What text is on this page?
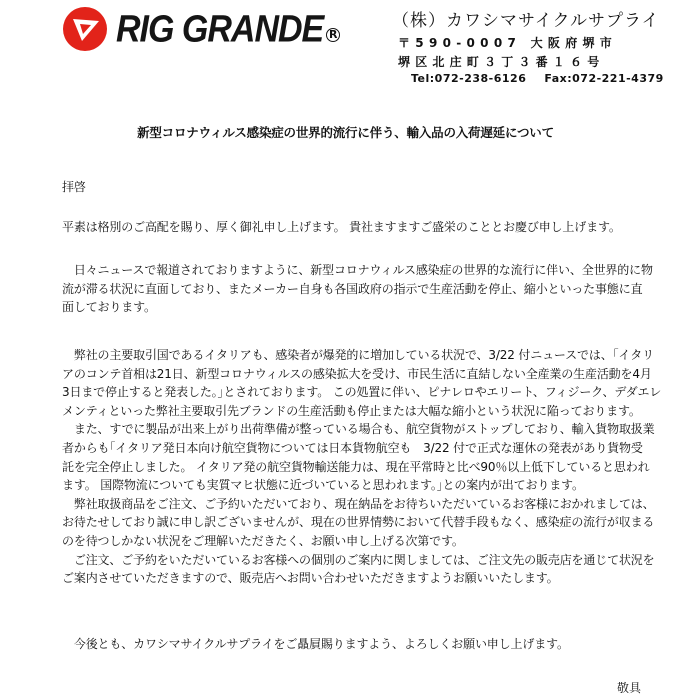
RIG GRANDE R
（株）カワシマサイクルサプライ
〒590-0007 大阪府堺市
堺区北庄町３丁３番１６号
Tel:072-238-6126 Fax:072-221-4379
新型コロナウィルス感染症の世界的流行に伴う、輸入品の入荷遅延について
拝啓
平素は格別のご高配を賜り、厚く御礼申し上げます。 貴社ますますご盛栄のこととお慶び申し上げます。
　日々ニュースで報道されておりますように、新型コロナウィルス感染症の世界的な流行に伴い、全世界的に物
流が滞る状況に直面しており、またメーカー自身も各国政府の指示で生産活動を停止、縮小といった事態に直
面しております。
　弊社の主要取引国であるイタリアも、感染者が爆発的に増加している状況で、3/22 付ニュースでは、｢イタリ
アのコンテ首相は21日、新型コロナウィルスの感染拡大を受け、市民生活に直結しない全産業の生産活動を4月
3日まで停止すると発表した。｣とされております。 この処置に伴い、ピナレロやエリート、フィジーク、デダエレ
メンティといった弊社主要取引先ブランドの生産活動も停止または大幅な縮小という状況に陥っております。
　また、すでに製品が出来上がり出荷準備が整っている場合も、航空貨物がストップしており、輸入貨物取扱業
者からも｢イタリア発日本向け航空貨物については日本貨物航空も　3/22 付で正式な運休の発表があり貨物受
託を完全停止しました。 イタリア発の航空貨物輸送能力は、現在平常時と比べ90％以上低下していると思われ
ます。 国際物流についても実質マヒ状態に近づいていると思われます。｣との案内が出ております。
　弊社取扱商品をご注文、ご予約いただいており、現在納品をお待ちいただいているお客様におかれましては、
お待たせしており誠に申し訳ございませんが、現在の世界情勢において代替手段もなく、感染症の流行が収まる
のを待つしかない状況をご理解いただきたく、お願い申し上げる次第です。
　ご注文、ご予約をいただいているお客様への個別のご案内に関しましては、ご注文先の販売店を通じて状況を
ご案内させていただきますので、販売店へお問い合わせいただきますようお願いいたします。
　今後とも、カワシマサイクルサプライをご贔屓賜りますよう、よろしくお願い申し上げます。
敬具
